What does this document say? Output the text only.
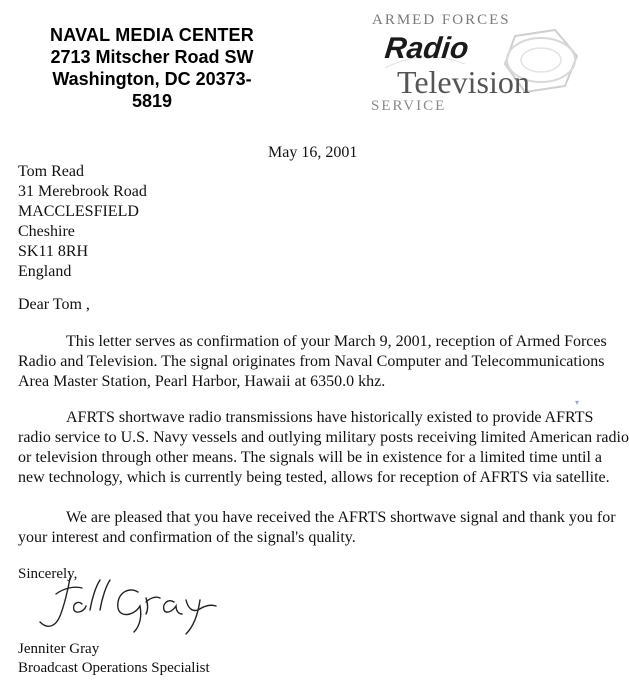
NAVAL MEDIA CENTER
2713 Mitscher Road SW
Washington, DC 20373-
5819
ARMED FORCES
Radio
Television
SERVICE
May 16, 2001
Tom Read
31 Merebrook Road
MACCLESFIELD
Cheshire
SK11 8RH
England
Dear Tom ,
This letter serves as confirmation of your March 9, 2001, reception of Armed Forces
Radio and Television. The signal originates from Naval Computer and Telecommunications
Area Master Station, Pearl Harbor, Hawaii at 6350.0 khz.
▾
AFRTS shortwave radio transmissions have historically existed to provide AFRTS
radio service to U.S. Navy vessels and outlying military posts receiving limited American radio
or television through other means. The signals will be in existence for a limited time until a
new technology, which is currently being tested, allows for reception of AFRTS via satellite.
We are pleased that you have received the AFRTS shortwave signal and thank you for
your interest and confirmation of the signal's quality.
Sincerely,
Jenniter Gray
Broadcast Operations Specialist
